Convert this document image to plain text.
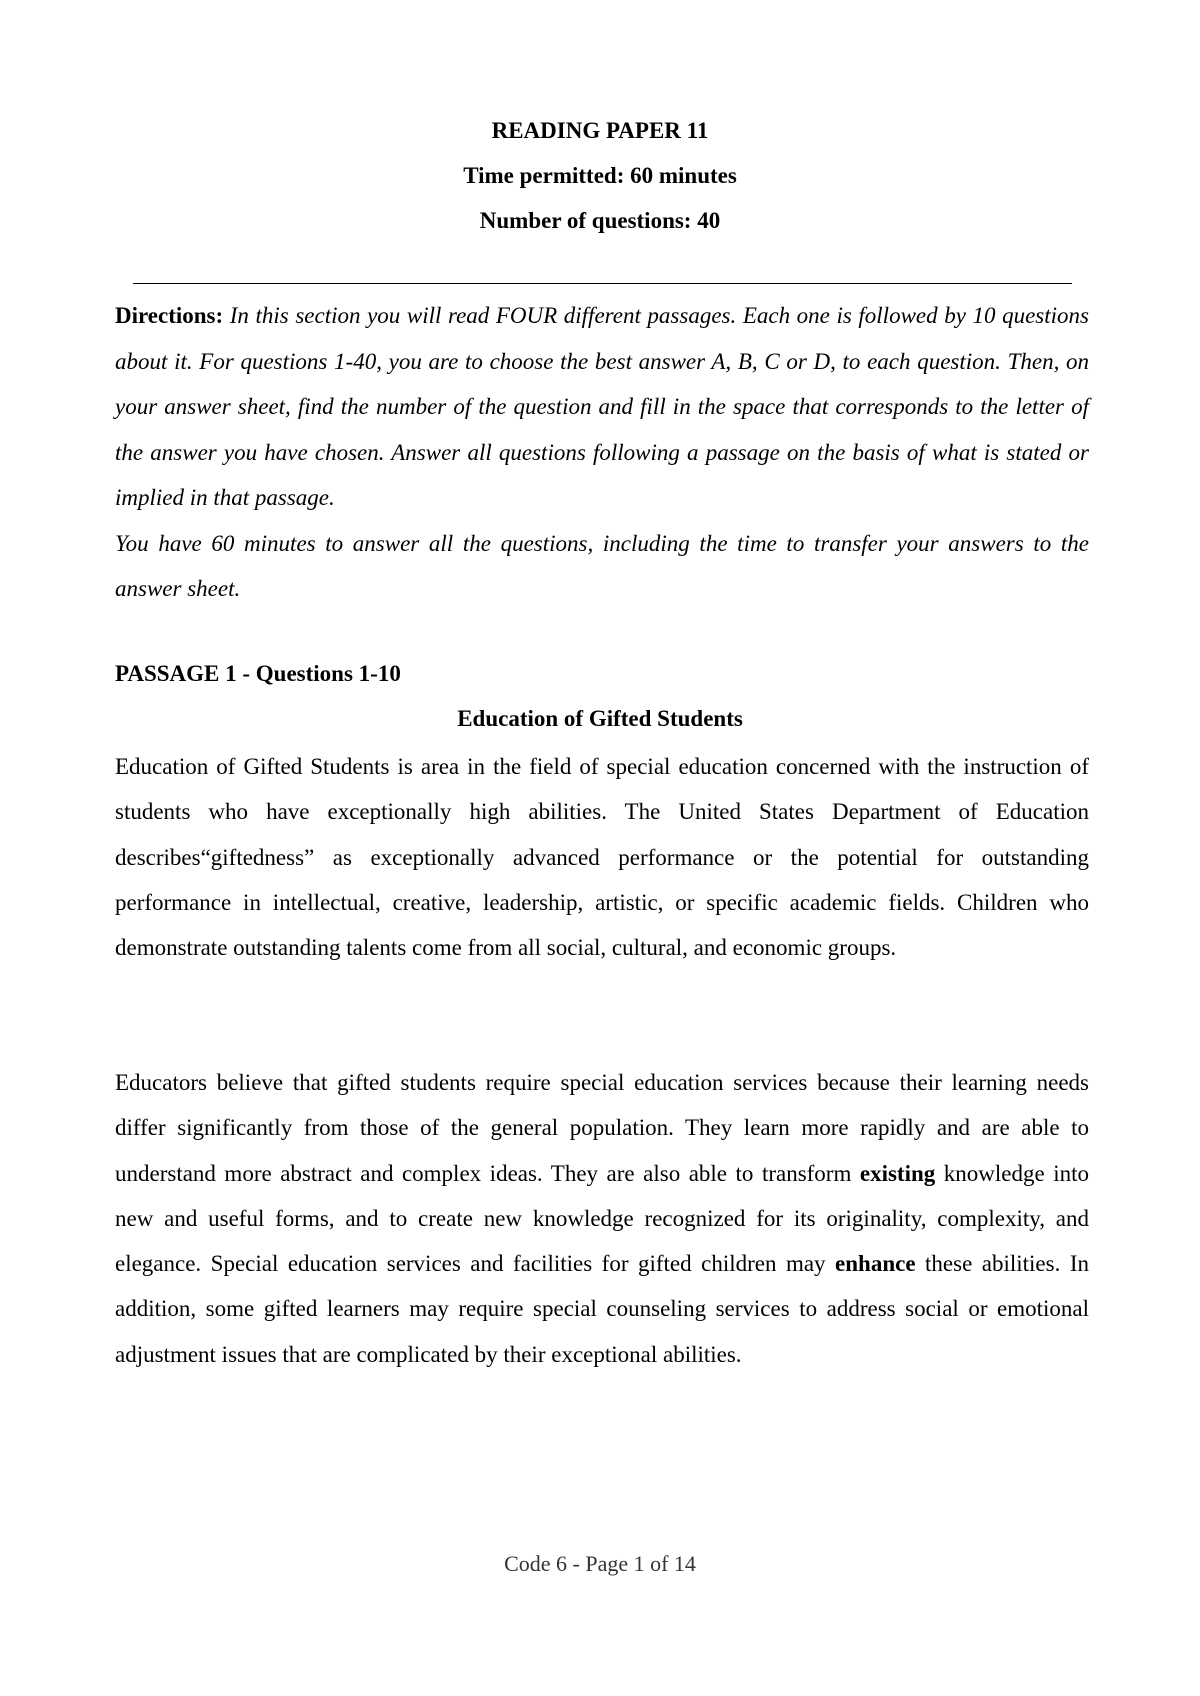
READING PAPER 11
Time permitted: 60 minutes
Number of questions: 40

Directions: In this section you will read FOUR different passages. Each one is followed by 10 questions about it. For questions 1-40, you are to choose the best answer A, B, C or D, to each question. Then, on your answer sheet, find the number of the question and fill in the space that corresponds to the letter of the answer you have chosen. Answer all questions following a passage on the basis of what is stated or implied in that passage.

You have 60 minutes to answer all the questions, including the time to transfer your answers to the answer sheet.

PASSAGE 1 - Questions 1-10
Education of Gifted Students

Education of Gifted Students is area in the field of special education concerned with the instruction of students who have exceptionally high abilities. The United States Department of Education describes“giftedness” as exceptionally advanced performance or the potential for outstanding performance in intellectual, creative, leadership, artistic, or specific academic fields. Children who demonstrate outstanding talents come from all social, cultural, and economic groups.

Educators believe that gifted students require special education services because their learning needs differ significantly from those of the general population. They learn more rapidly and are able to understand more abstract and complex ideas. They are also able to transform existing knowledge into new and useful forms, and to create new knowledge recognized for its originality, complexity, and elegance. Special education services and facilities for gifted children may enhance these abilities. In addition, some gifted learners may require special counseling services to address social or emotional adjustment issues that are complicated by their exceptional abilities.

Code 6 - Page 1 of 14
